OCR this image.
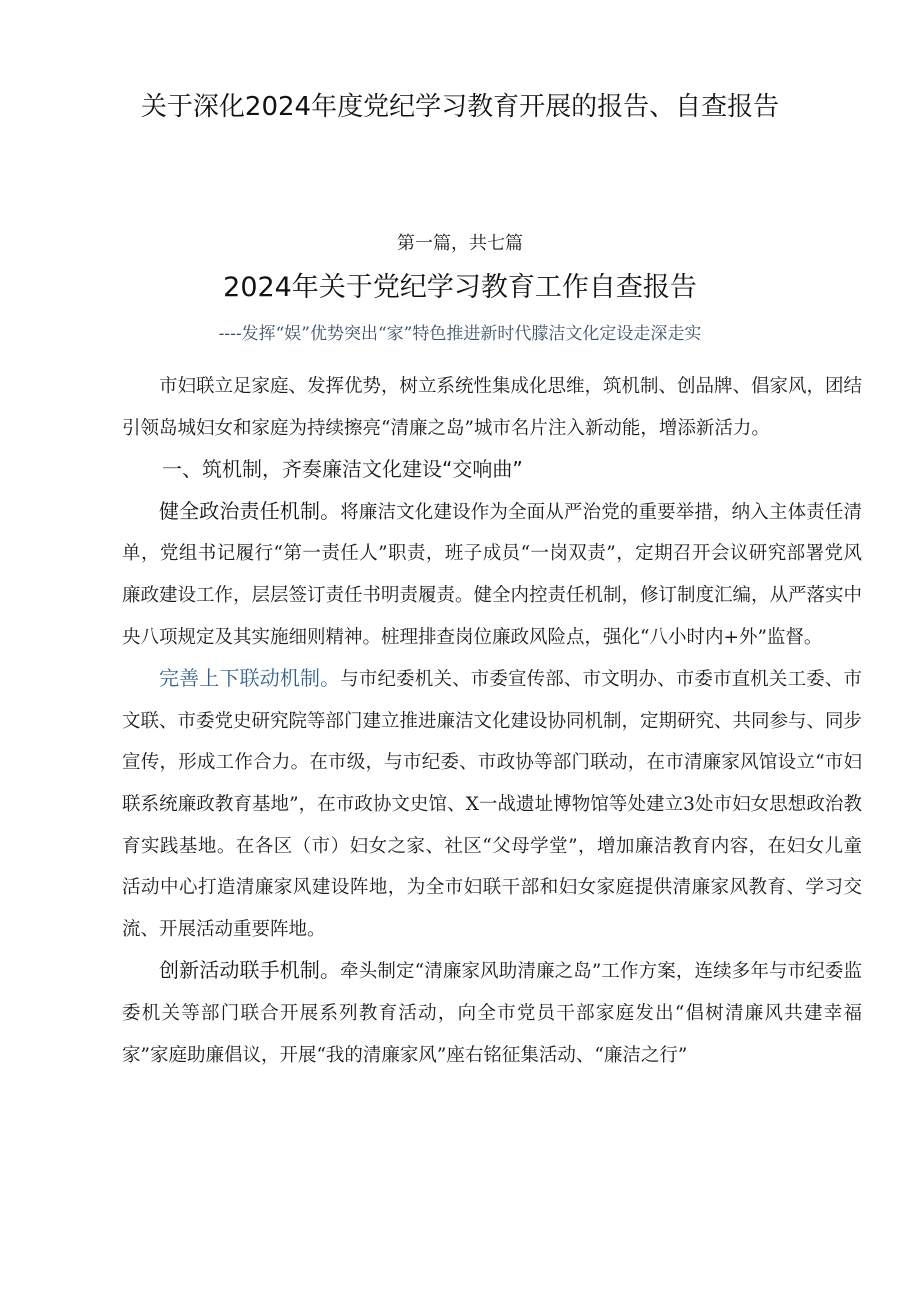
关于深化2024年度党纪学习教育开展的报告、自查报告
第一篇，共七篇
2024年关于党纪学习教育工作自查报告
----发挥“娱”优势突出“家”特色推进新时代朦洁文化定设走深走实

市妇联立足家庭、发挥优势，树立系统性集成化思维，筑机制、创品牌、倡家风，团结引领岛城妇女和家庭为持续擦亮“清廉之岛”城市名片注入新动能，增添新活力。

一、筑机制，齐奏廉洁文化建设“交响曲”

健全政治责任机制。将廉洁文化建设作为全面从严治党的重要举措，纳入主体责任清单，党组书记履行“第一责任人”职责，班子成员“一岗双责”，定期召开会议研究部署党风廉政建设工作，层层签订责任书明责履责。健全内控责任机制，修订制度汇编，从严落实中央八项规定及其实施细则精神。桩理排查岗位廉政风险点，强化“八小时内+外”监督。

完善上下联动机制。与市纪委机关、市委宣传部、市文明办、市委市直机关工委、市文联、市委党史研究院等部门建立推进廉洁文化建设协同机制，定期研究、共同参与、同步宣传，形成工作合力。在市级，与市纪委、市政协等部门联动，在市清廉家风馆设立“市妇联系统廉政教育基地”，在市政协文史馆、X一战遗址博物馆等处建立3处市妇女思想政治教育实践基地。在各区（市）妇女之家、社区“父母学堂”，增加廉洁教育内容，在妇女儿童活动中心打造清廉家风建设阵地，为全市妇联干部和妇女家庭提供清廉家风教育、学习交流、开展活动重要阵地。

创新活动联手机制。牵头制定“清廉家风助清廉之岛”工作方案，连续多年与市纪委监委机关等部门联合开展系列教育活动，向全市党员干部家庭发出“倡树清廉风共建幸福家”家庭助廉倡议，开展“我的清廉家风”座右铭征集活动、“廉洁之行”
